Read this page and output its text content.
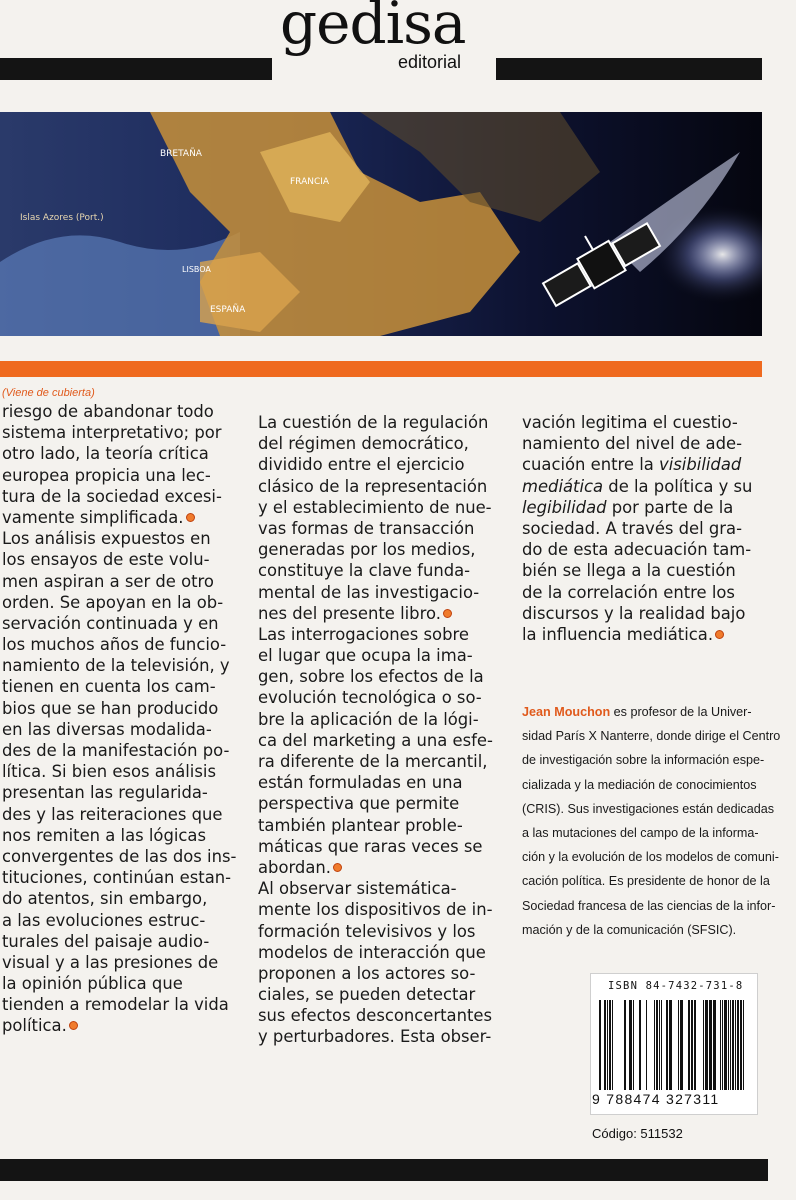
gedisa
editorial
Islas Azores (Port.)
BRETAÑA
FRANCIA
ESPAÑA
LISBOA
(Viene de cubierta)
riesgo de abandonar todo
sistema interpretativo; por
otro lado, la teoría crítica
europea propicia una lec-
tura de la sociedad excesi-
vamente simplificada.
Los análisis expuestos en
los ensayos de este volu-
men aspiran a ser de otro
orden. Se apoyan en la ob-
servación continuada y en
los muchos años de funcio-
namiento de la televisión, y
tienen en cuenta los cam-
bios que se han producido
en las diversas modalida-
des de la manifestación po-
lítica. Si bien esos análisis
presentan las regularida-
des y las reiteraciones que
nos remiten a las lógicas
convergentes de las dos ins-
tituciones, continúan estan-
do atentos, sin embargo,
a las evoluciones estruc-
turales del paisaje audio-
visual y a las presiones de
la opinión pública que
tienden a remodelar la vida
política.
La cuestión de la regulación
del régimen democrático,
dividido entre el ejercicio
clásico de la representación
y el establecimiento de nue-
vas formas de transacción
generadas por los medios,
constituye la clave funda-
mental de las investigacio-
nes del presente libro.
Las interrogaciones sobre
el lugar que ocupa la ima-
gen, sobre los efectos de la
evolución tecnológica o so-
bre la aplicación de la lógi-
ca del marketing a una esfe-
ra diferente de la mercantil,
están formuladas en una
perspectiva que permite
también plantear proble-
máticas que raras veces se
abordan.
Al observar sistemática-
mente los dispositivos de in-
formación televisivos y los
modelos de interacción que
proponen a los actores so-
ciales, se pueden detectar
sus efectos desconcertantes
y perturbadores. Esta obser-
vación legitima el cuestio-
namiento del nivel de ade-
cuación entre la visibilidad
mediática de la política y su
legibilidad por parte de la
sociedad. A través del gra-
do de esta adecuación tam-
bién se llega a la cuestión
de la correlación entre los
discursos y la realidad bajo
la influencia mediática.
Jean Mouchon es profesor de la Univer-
sidad París X Nanterre, donde dirige el Centro
de investigación sobre la información espe-
cializada y la mediación de conocimientos
(CRIS). Sus investigaciones están dedicadas
a las mutaciones del campo de la informa-
ción y la evolución de los modelos de comuni-
cación política. Es presidente de honor de la
Sociedad francesa de las ciencias de la infor-
mación y de la comunicación (SFSIC).
ISBN 84-7432-731-8
9 788474 327311
Código: 511532
